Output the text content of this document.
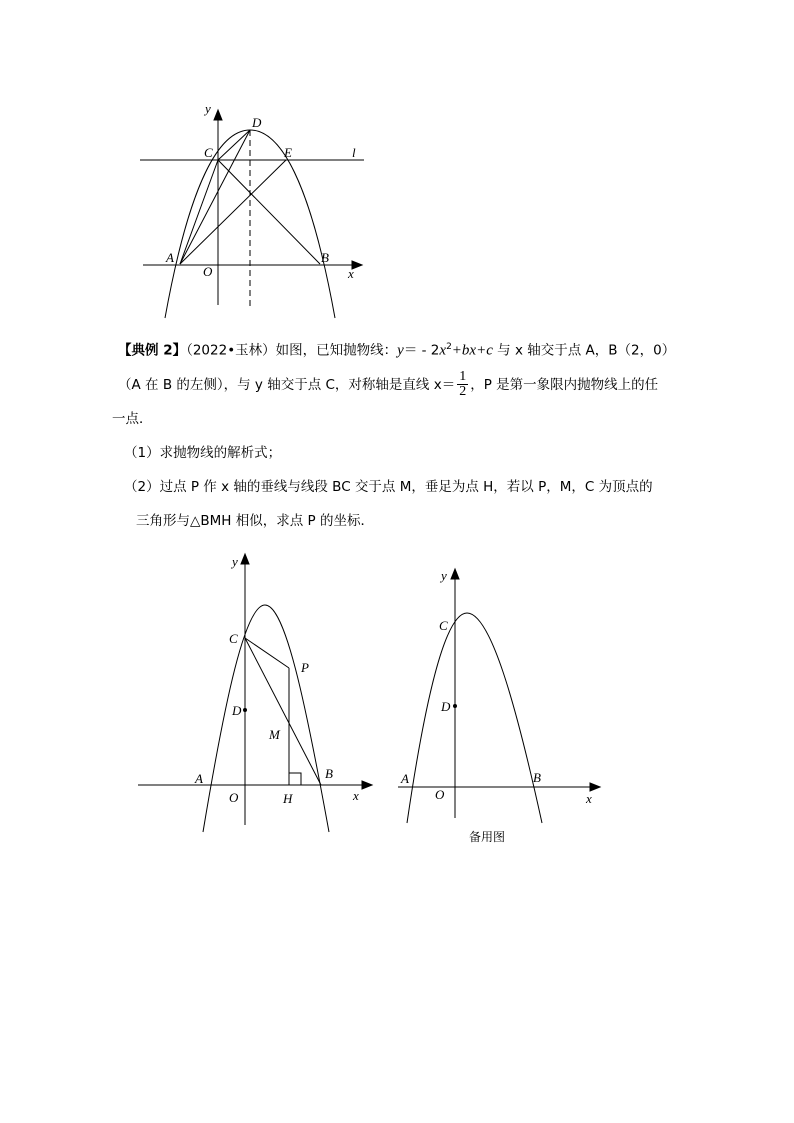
y
D
C	E	l
A
O
B
x
y
C
P
D
M
A	B
O	H	x
y
C
D
A	B
O	x
备用图
【典例 2】（2022•玉林）如图，已知抛物线：$y= - 2x^2+bx+c$ 与 x 轴交于点 A，B（2，0）
（A 在 B 的左侧），与 y 轴交于点 C，对称轴是直线 $x= \frac{1}{2}$ ，P 是第一象限内抛物线上的任
一点．
（1）求抛物线的解析式；
（2）过点 P 作 x 轴的垂线与线段 BC 交于点 M，垂足为点 H，若以 P，M，C 为顶点的
三角形与△BMH 相似，求点 P 的坐标．
